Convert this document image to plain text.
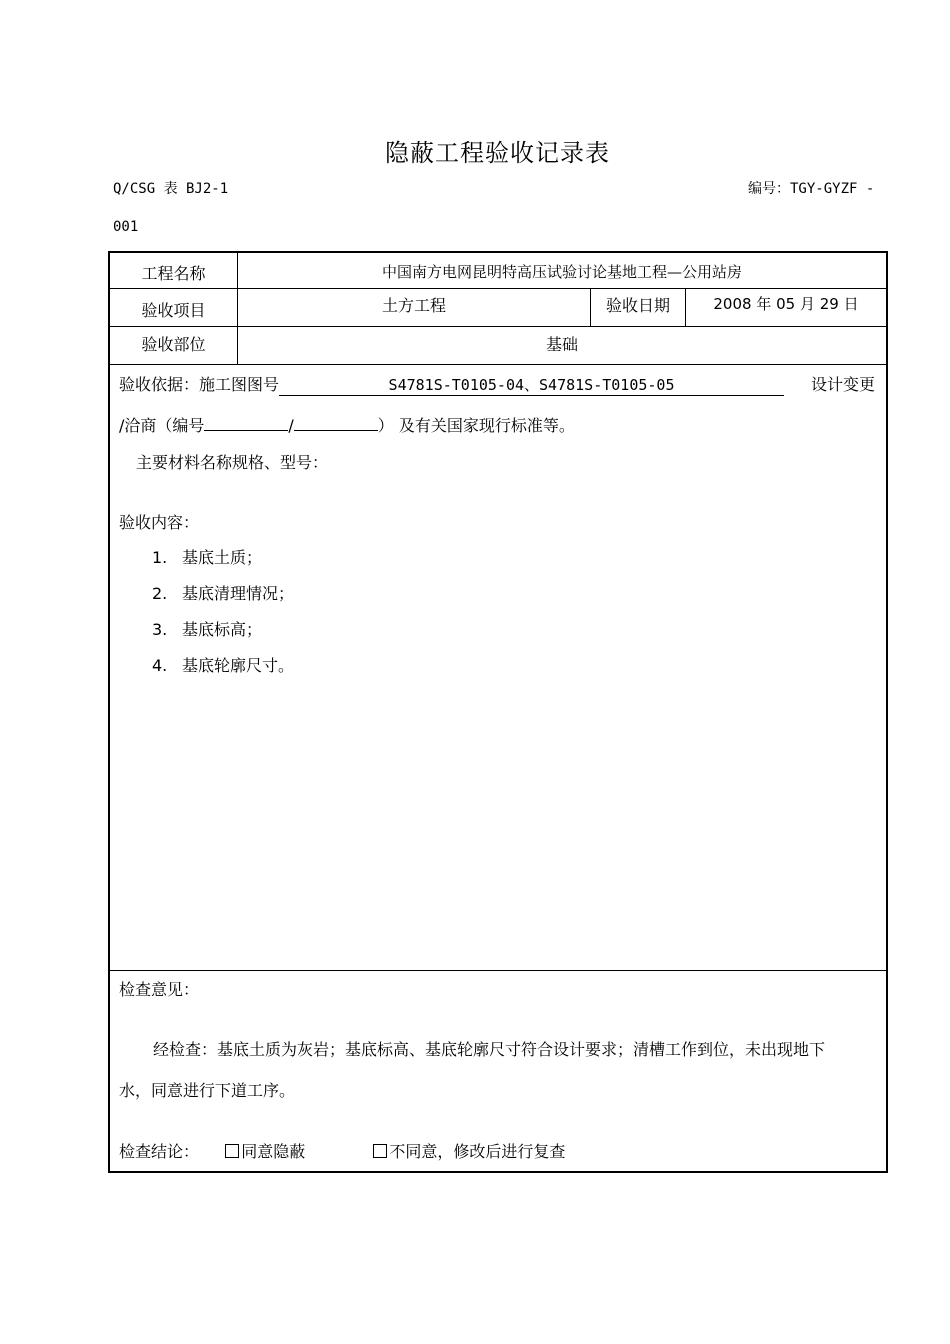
隐蔽工程验收记录表
Q/CSG 表 BJ2-1	编号：TGY-GYZF -
001
工程名称	中国南方电网昆明特高压试验讨论基地工程—公用站房
验收项目	土方工程	验收日期	2008 年 05 月 29 日
验收部位	基础
验收依据：施工图图号	S4781S-T0105-04、S4781S-T0105-05	设计变更
/洽商（编号	/	） 及有关国家现行标准等。
主要材料名称规格、型号：
验收内容：
1. 基底土质；
2. 基底清理情况；
3. 基底标高；
4. 基底轮廓尺寸。
检查意见：
经检查：基底土质为灰岩；基底标高、基底轮廓尺寸符合设计要求；清槽工作到位，未出现地下
水，同意进行下道工序。
检查结论：	同意隐蔽	不同意，修改后进行复查
